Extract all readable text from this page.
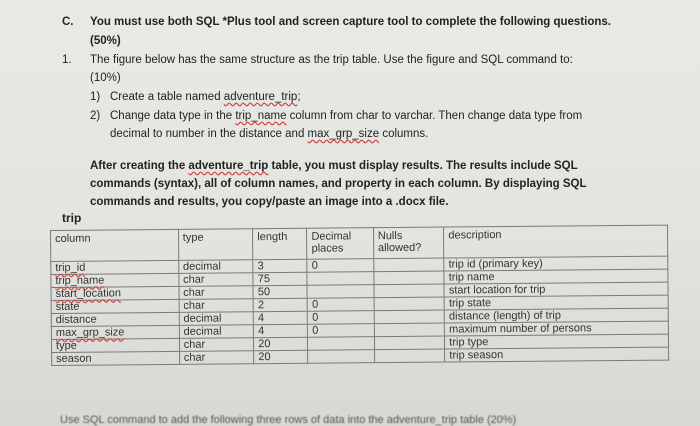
C. You must use both SQL *Plus tool and screen capture tool to complete the following questions.
(50%)
1. The figure below has the same structure as the trip table. Use the figure and SQL command to:
(10%)
1) Create a table named adventure_trip;
2) Change data type in the trip_name column from char to varchar. Then change data type from
decimal to number in the distance and max_grp_size columns.
After creating the adventure_trip table, you must display results. The results include SQL
commands (syntax), all of column names, and property in each column. By displaying SQL
commands and results, you copy/paste an image into a .docx file.
trip
column	type	length	Decimal places	Nulls allowed?	description
trip_id	decimal	3	0		trip id (primary key)
trip_name	char	75			trip name
start_location	char	50			start location for trip
state	char	2	0		trip state
distance	decimal	4	0		distance (length) of trip
max_grp_size	decimal	4	0		maximum number of persons
type	char	20			trip type
season	char	20			trip season
Use SQL command to add the following three rows of data into the adventure_trip table (20%)
